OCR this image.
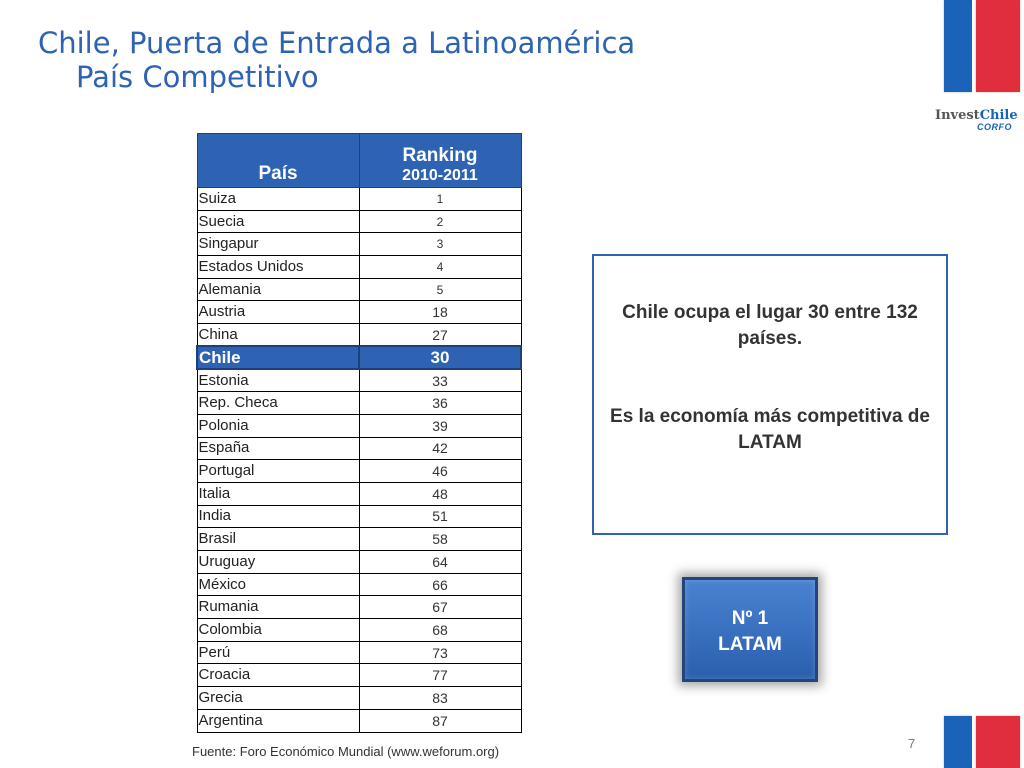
Chile, Puerta de Entrada a Latinoamérica
País Competitivo
InvestChile
CORFO
País	Ranking
2010-2011

Suiza	1
Suecia	2
Singapur	3
Estados Unidos	4
Alemania	5
Austria	18
China	27
Chile	30
Estonia	33
Rep. Checa	36
Polonia	39
España	42
Portugal	46
Italia	48
India	51
Brasil	58
Uruguay	64
México	66
Rumania	67
Colombia	68
Perú	73
Croacia	77
Grecia	83
Argentina	87
Fuente: Foro Económico Mundial (www.weforum.org)
Chile ocupa el lugar 30 entre 132 países.
Es la economía más competitiva de LATAM
Nº 1
LATAM
7
